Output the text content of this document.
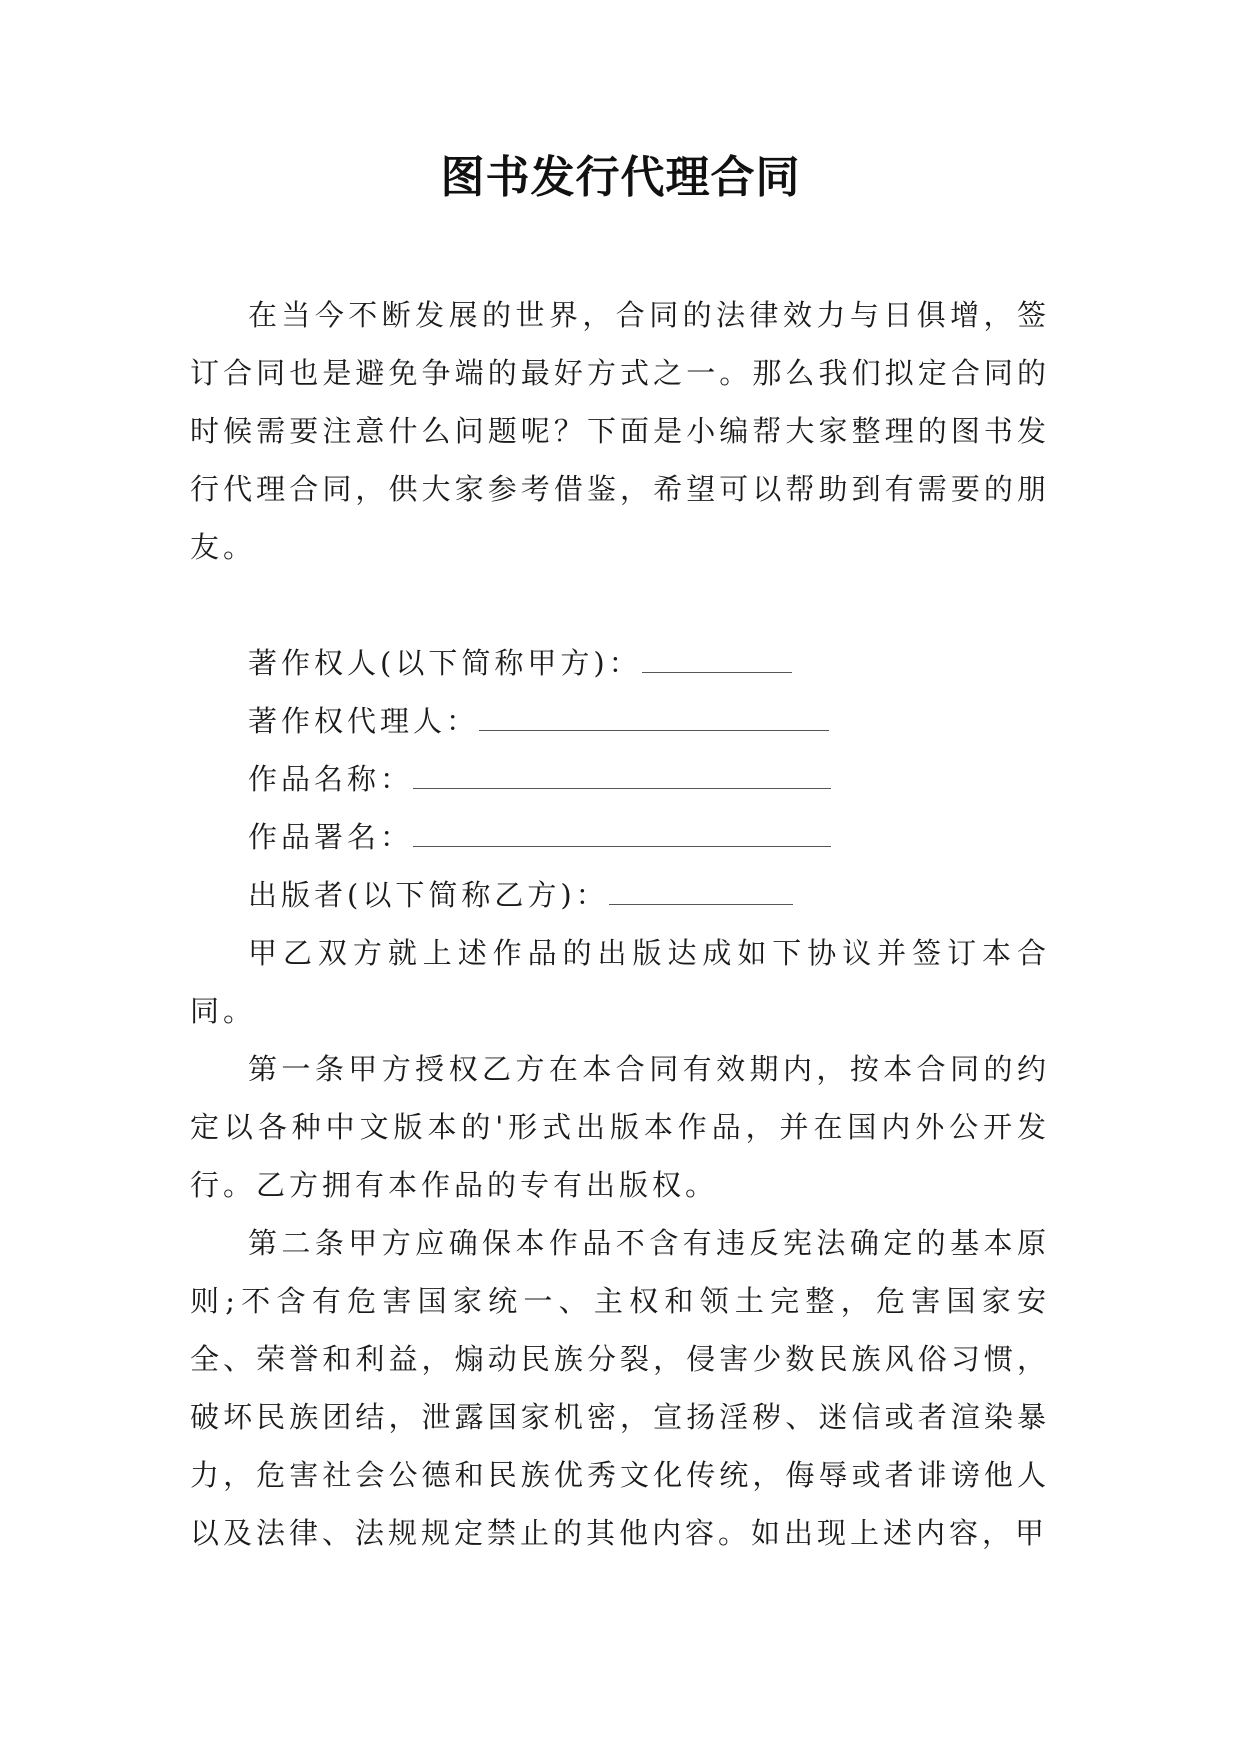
图书发行代理合同

在当今不断发展的世界，合同的法律效力与日俱增，签订合同也是避免争端的最好方式之一。那么我们拟定合同的时候需要注意什么问题呢？下面是小编帮大家整理的图书发行代理合同，供大家参考借鉴，希望可以帮助到有需要的朋友。

著作权人(以下简称甲方)：

著作权代理人：

作品名称：

作品署名：

出版者(以下简称乙方)：

甲乙双方就上述作品的出版达成如下协议并签订本合同。

第一条甲方授权乙方在本合同有效期内，按本合同的约定以各种中文版本的'形式出版本作品，并在国内外公开发行。乙方拥有本作品的专有出版权。

第二条甲方应确保本作品不含有违反宪法确定的基本原则;不含有危害国家统一、主权和领土完整，危害国家安全、荣誉和利益，煽动民族分裂，侵害少数民族风俗习惯，破坏民族团结，泄露国家机密，宣扬淫秽、迷信或者渲染暴力，危害社会公德和民族优秀文化传统，侮辱或者诽谤他人以及法律、法规规定禁止的其他内容。如出现上述内容，甲
